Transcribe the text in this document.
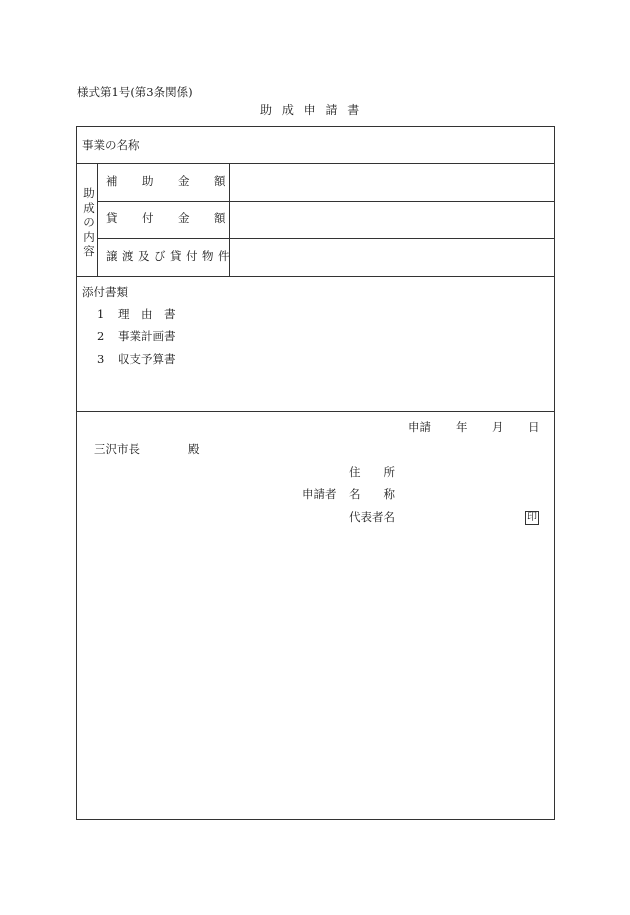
様式第1号(第3条関係)
助 成 申 請 書
事業の名称
助
成
の
内
容
補　　助　　金　　額
貸　　付　　金　　額
譲渡及び貸付物件
添付書類
1 理　由　書
2 事業計画書
3 収支予算書
申請 年 月 日
三沢市長	殿
住　　所
申請者 名　　称
代表者名	印
